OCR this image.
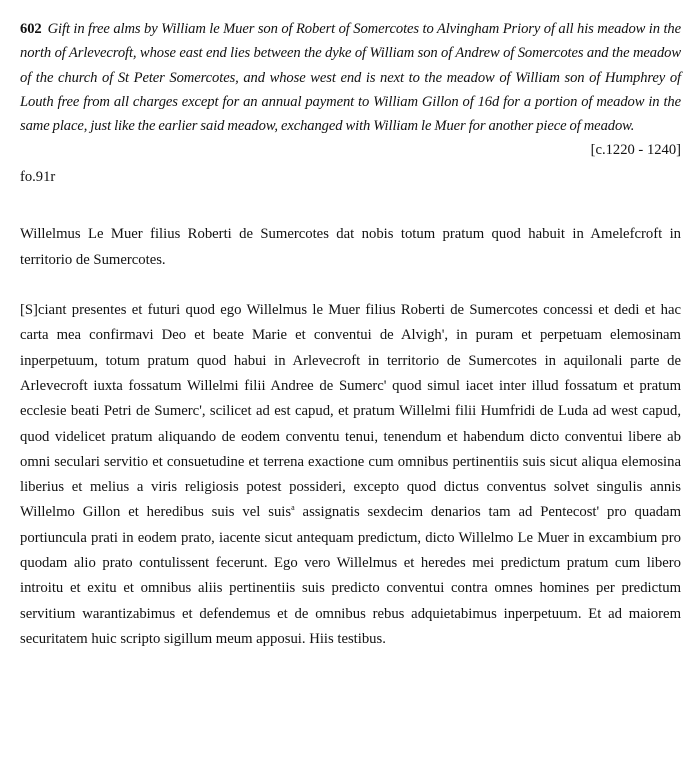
602 Gift in free alms by William le Muer son of Robert of Somercotes to Alvingham Priory of all his meadow in the north of Arlevecroft, whose east end lies between the dyke of William son of Andrew of Somercotes and the meadow of the church of St Peter Somercotes, and whose west end is next to the meadow of William son of Humphrey of Louth free from all charges except for an annual payment to William Gillon of 16d for a portion of meadow in the same place, just like the earlier said meadow, exchanged with William le Muer for another piece of meadow.
[c.1220 - 1240]
fo.91r
Willelmus Le Muer filius Roberti de Sumercotes dat nobis totum pratum quod habuit in Amelefcroft in territorio de Sumercotes.
[S]ciant presentes et futuri quod ego Willelmus le Muer filius Roberti de Sumercotes concessi et dedi et hac carta mea confirmavi Deo et beate Marie et conventui de Alvigh', in puram et perpetuam elemosinam inperpetuum, totum pratum quod habui in Arlevecroft in territorio de Sumercotes in aquilonali parte de Arlevecroft iuxta fossatum Willelmi filii Andree de Sumerc' quod simul iacet inter illud fossatum et pratum ecclesie beati Petri de Sumerc', scilicet ad est capud, et pratum Willelmi filii Humfridi de Luda ad west capud, quod videlicet pratum aliquando de eodem conventu tenui, tenendum et habendum dicto conventui libere ab omni seculari servitio et consuetudine et terrena exactione cum omnibus pertinentiis suis sicut aliqua elemosina liberius et melius a viris religiosis potest possideri, excepto quod dictus conventus solvet singulis annis Willelmo Gillon et heredibus suis vel suis$^a$ assignatis sexdecim denarios tam ad Pentecost' pro quadam portiuncula prati in eodem prato, iacente sicut antequam predictum, dicto Willelmo Le Muer in excambium pro quodam alio prato contulissent fecerunt. Ego vero Willelmus et heredes mei predictum pratum cum libero introitu et exitu et omnibus aliis pertinentiis suis predicto conventui contra omnes homines per predictum servitium warantizabimus et defendemus et de omnibus rebus adquietabimus inperpetuum. Et ad maiorem securitatem huic scripto sigillum meum apposui. Hiis testibus.
